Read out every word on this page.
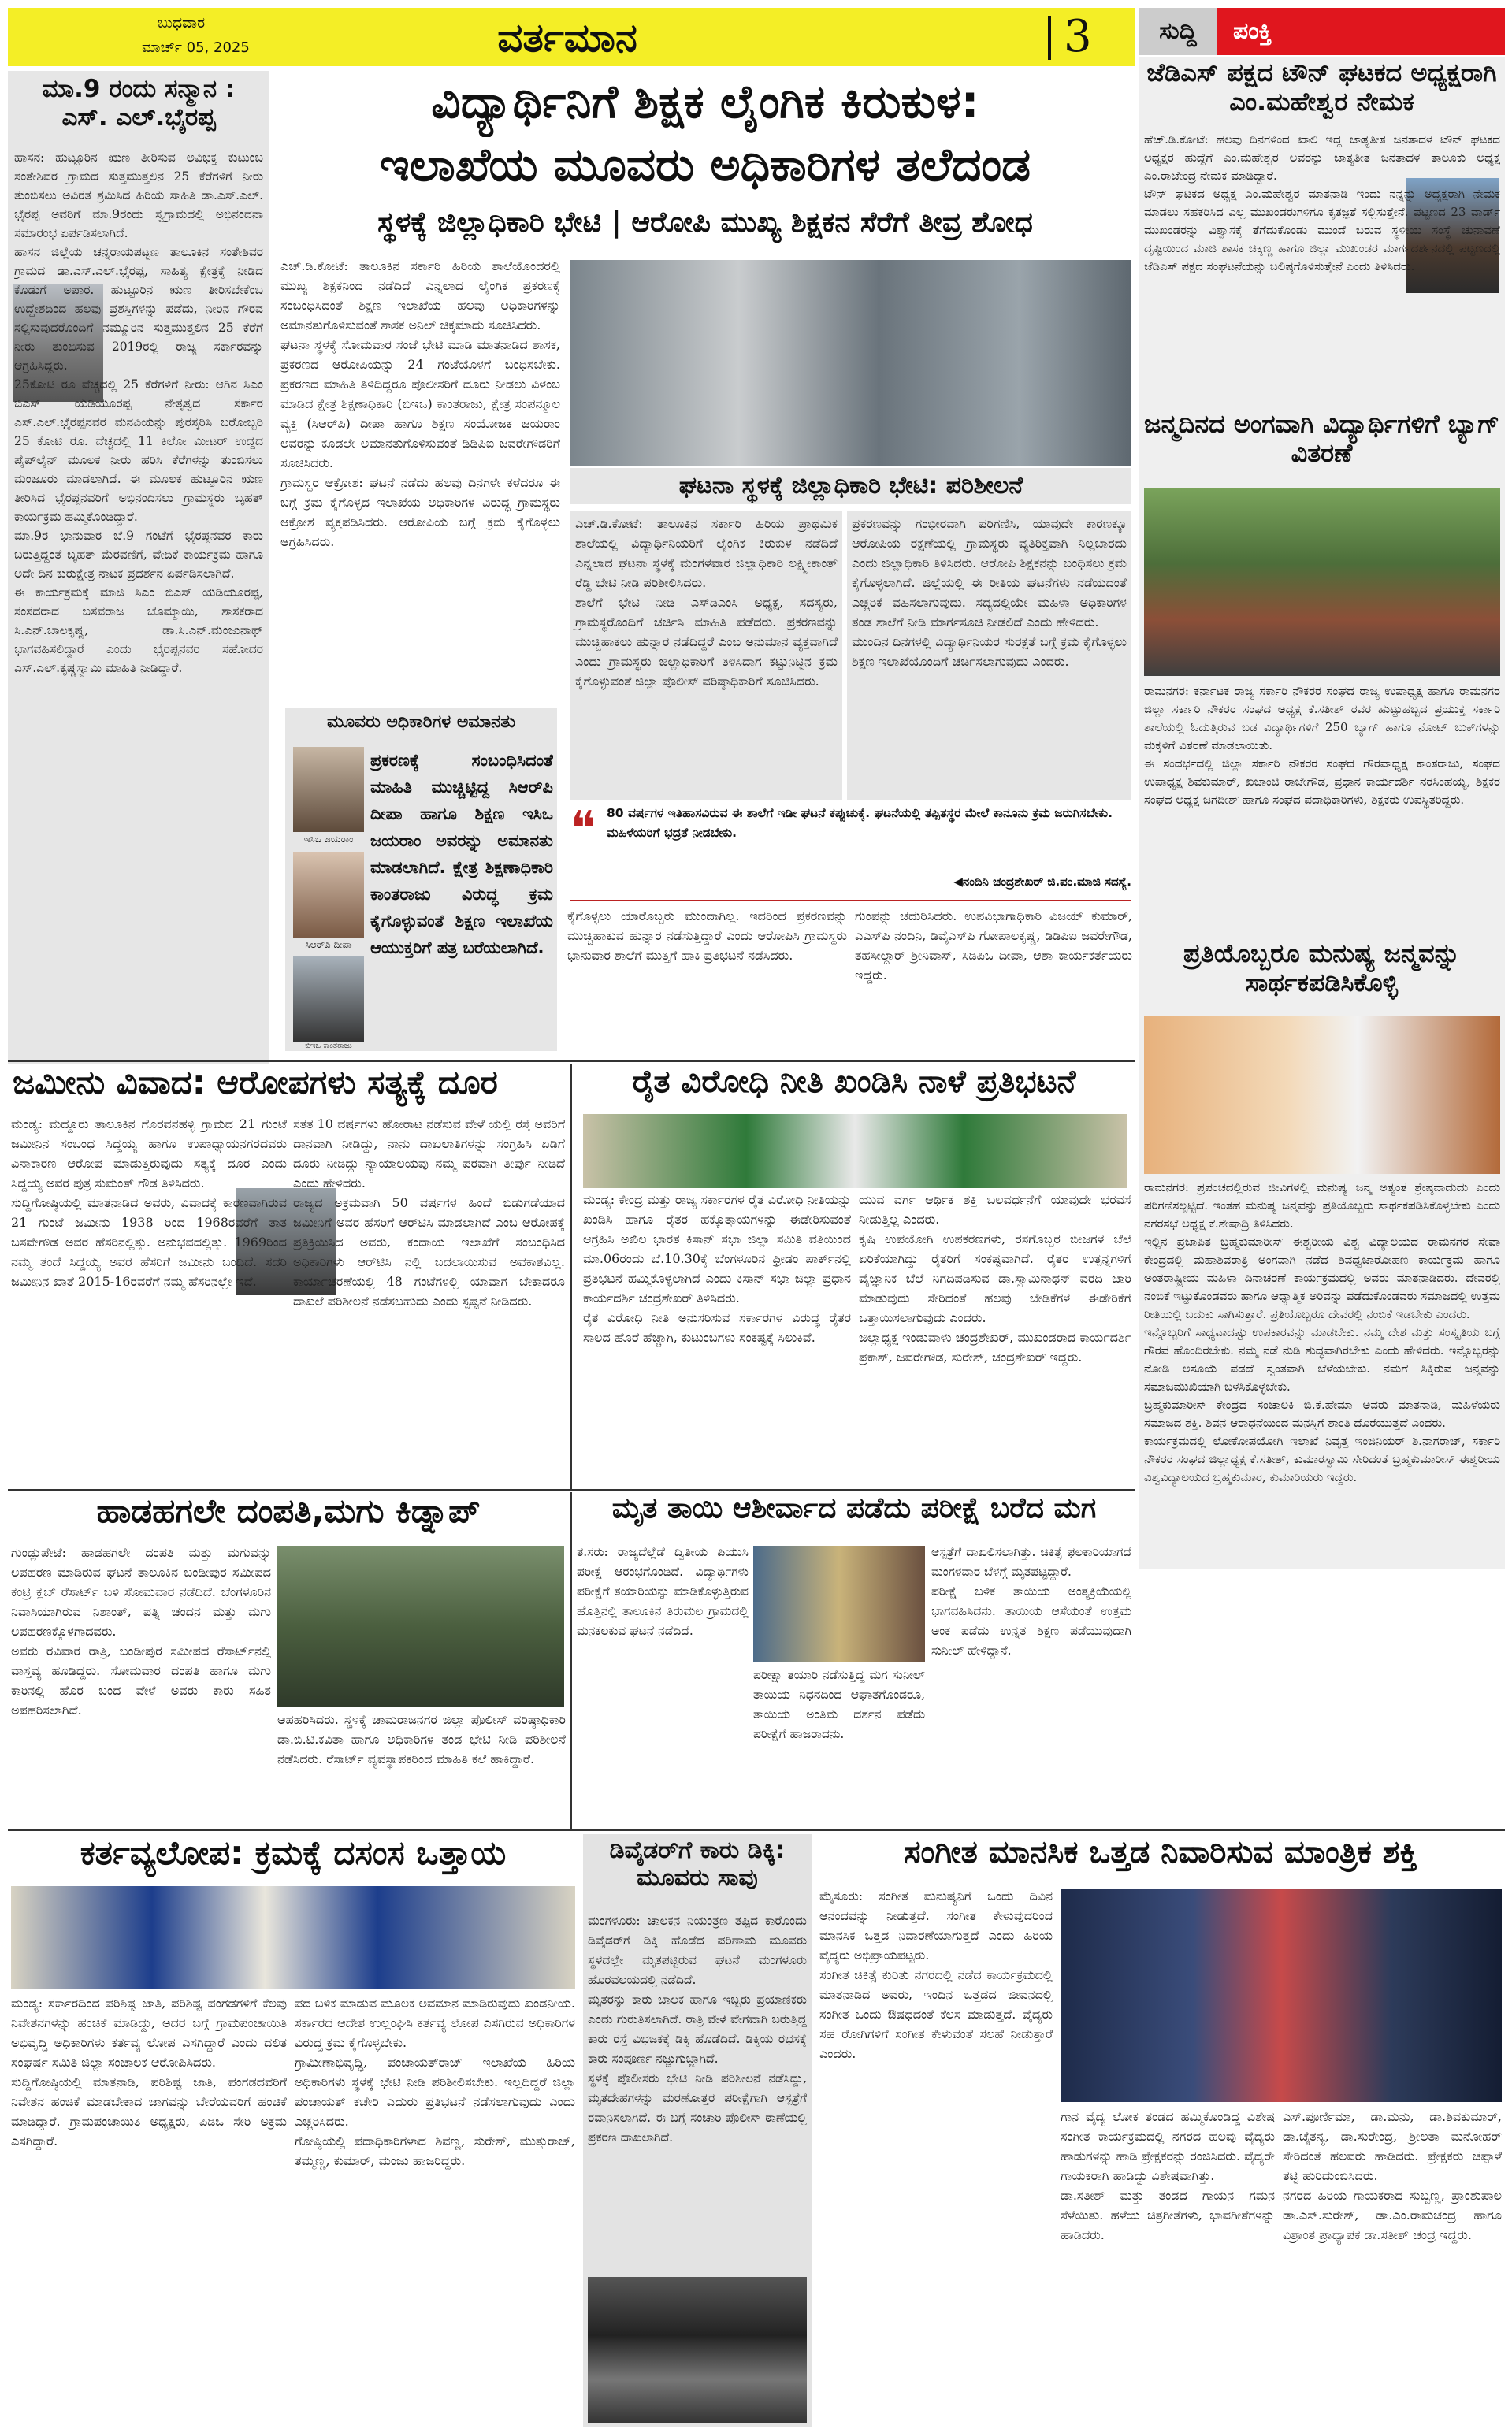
ಬುಧವಾರ
ಮಾರ್ಚ್ 05, 2025	ವರ್ತಮಾನ	3	ಸುದ್ದಿ	ಪಂಕ್ತಿ
ಮಾ.9 ರಂದು ಸನ್ಮಾನ : ಎಸ್. ಎಲ್.ಭೈರಪ್ಪ
ಹಾಸನ: ಹುಟ್ಟೂರಿನ ಋಣ ತೀರಿಸುವ ಅವಿಭಕ್ತ ಕುಟುಂಬ ಸಂತೇಶಿವರ ಗ್ರಾಮದ ಸುತ್ತಮುತ್ತಲಿನ 25 ಕೆರೆಗಳಿಗೆ ನೀರು ತುಂಬಿಸಲು ಅವಿರತ ಶ್ರಮಿಸಿದ ಹಿರಿಯ ಸಾಹಿತಿ ಡಾ.ಎಸ್.ಎಲ್. ಭೈರಪ್ಪ ಅವರಿಗೆ ಮಾ.9ರಂದು ಸ್ವಗ್ರಾಮದಲ್ಲಿ ಅಭಿನಂದನಾ ಸಮಾರಂಭ ಏರ್ಪಡಿಸಲಾಗಿದೆ.
ಹಾಸನ ಜಿಲ್ಲೆಯ ಚನ್ನರಾಯಪಟ್ಟಣ ತಾಲೂಕಿನ ಸಂತೇಶಿವರ ಗ್ರಾಮದ ಡಾ.ಎಸ್.ಎಲ್.ಭೈರಪ್ಪ, ಸಾಹಿತ್ಯ ಕ್ಷೇತ್ರಕ್ಕೆ ನೀಡಿದ ಕೊಡುಗೆ ಅಪಾರ. ಹುಟ್ಟೂರಿನ ಋಣ ತೀರಿಸಬೇಕೆಂಬ ಉದ್ದೇಶದಿಂದ ಹಲವು ಪ್ರಶಸ್ತಿಗಳನ್ನು ಪಡೆದು, ನೀರಿನ ಗೌರವ ಸಲ್ಲಿಸುವುದರೊಂದಿಗೆ ನಮ್ಮೂರಿನ ಸುತ್ತಮುತ್ತಲಿನ 25 ಕೆರೆಗೆ ನೀರು ತುಂಬಿಸುವ 2019ರಲ್ಲಿ ರಾಜ್ಯ ಸರ್ಕಾರವನ್ನು ಆಗ್ರಹಿಸಿದ್ದರು.
25ಕೋಟಿ ರೂ ವೆಚ್ಚದಲ್ಲಿ 25 ಕೆರೆಗಳಿಗೆ ನೀರು: ಆಗಿನ ಸಿಎಂ ಬಿಎಸ್ ಯಡಿಯೂರಪ್ಪ ನೇತೃತ್ವದ ಸರ್ಕಾರ ಎಸ್.ಎಲ್.ಭೈರಪ್ಪನವರ ಮನವಿಯನ್ನು ಪುರಸ್ಕರಿಸಿ ಬರೋಬ್ಬರಿ 25 ಕೋಟಿ ರೂ. ವೆಚ್ಚದಲ್ಲಿ 11 ಕಿಲೋ ಮೀಟರ್ ಉದ್ದದ ಪೈಪ್‌ಲೈನ್ ಮೂಲಕ ನೀರು ಹರಿಸಿ ಕೆರೆಗಳನ್ನು ತುಂಬಿಸಲು ಮಂಜೂರು ಮಾಡಲಾಗಿದೆ. ಈ ಮೂಲಕ ಹುಟ್ಟೂರಿನ ಋಣ ತೀರಿಸಿದ ಭೈರಪ್ಪನವರಿಗೆ ಅಭಿನಂದಿಸಲು ಗ್ರಾಮಸ್ಥರು ಬೃಹತ್ ಕಾರ್ಯಕ್ರಮ ಹಮ್ಮಿಕೊಂಡಿದ್ದಾರೆ.
ಮಾ.9ರ ಭಾನುವಾರ ಬೆ.9 ಗಂಟೆಗೆ ಭೈರಪ್ಪನವರ ಕಾರು ಬರುತ್ತಿದ್ದಂತೆ ಬೃಹತ್ ಮೆರವಣಿಗೆ, ವೇದಿಕೆ ಕಾರ್ಯಕ್ರಮ ಹಾಗೂ ಅದೇ ದಿನ ಕುರುಕ್ಷೇತ್ರ ನಾಟಕ ಪ್ರದರ್ಶನ ಏರ್ಪಡಿಸಲಾಗಿದೆ.
ಈ ಕಾರ್ಯಕ್ರಮಕ್ಕೆ ಮಾಜಿ ಸಿಎಂ ಬಿಎಸ್ ಯಡಿಯೂರಪ್ಪ, ಸಂಸದರಾದ ಬಸವರಾಜ ಬೊಮ್ಮಾಯಿ, ಶಾಸಕರಾದ ಸಿ.ಎನ್.ಬಾಲಕೃಷ್ಣ, ಡಾ.ಸಿ.ಎನ್.ಮಂಜುನಾಥ್ ಭಾಗವಹಿಸಲಿದ್ದಾರೆ ಎಂದು ಭೈರಪ್ಪನವರ ಸಹೋದರ ಎಸ್.ಎಲ್.ಕೃಷ್ಣಸ್ವಾಮಿ ಮಾಹಿತಿ ನೀಡಿದ್ದಾರೆ.
ವಿದ್ಯಾರ್ಥಿನಿಗೆ ಶಿಕ್ಷಕ ಲೈಂಗಿಕ ಕಿರುಕುಳ:
ಇಲಾಖೆಯ ಮೂವರು ಅಧಿಕಾರಿಗಳ ತಲೆದಂಡ
ಸ್ಥಳಕ್ಕೆ ಜಿಲ್ಲಾಧಿಕಾರಿ ಭೇಟಿ | ಆರೋಪಿ ಮುಖ್ಯ ಶಿಕ್ಷಕನ ಸೆರೆಗೆ ತೀವ್ರ ಶೋಧ
ಎಚ್.ಡಿ.ಕೋಟೆ: ತಾಲೂಕಿನ ಸರ್ಕಾರಿ ಹಿರಿಯ ಶಾಲೆಯೊಂದರಲ್ಲಿ ಮುಖ್ಯ ಶಿಕ್ಷಕನಿಂದ ನಡೆದಿದೆ ಎನ್ನಲಾದ ಲೈಂಗಿಕ ಪ್ರಕರಣಕ್ಕೆ ಸಂಬಂಧಿಸಿದಂತೆ ಶಿಕ್ಷಣ ಇಲಾಖೆಯ ಹಲವು ಅಧಿಕಾರಿಗಳನ್ನು ಅಮಾನತುಗೊಳಿಸುವಂತೆ ಶಾಸಕ ಅನಿಲ್ ಚಿಕ್ಕಮಾದು ಸೂಚಿಸಿದರು.
ಘಟನಾ ಸ್ಥಳಕ್ಕೆ ಸೋಮವಾರ ಸಂಜೆ ಭೇಟಿ ಮಾಡಿ ಮಾತನಾಡಿದ ಶಾಸಕ, ಪ್ರಕರಣದ ಆರೋಪಿಯನ್ನು 24 ಗಂಟೆಯೊಳಗೆ ಬಂಧಿಸಬೇಕು. ಪ್ರಕರಣದ ಮಾಹಿತಿ ತಿಳಿದಿದ್ದರೂ ಪೊಲೀಸರಿಗೆ ದೂರು ನೀಡಲು ವಿಳಂಬ ಮಾಡಿದ ಕ್ಷೇತ್ರ ಶಿಕ್ಷಣಾಧಿಕಾರಿ (ಬಿಇಒ) ಕಾಂತರಾಜು, ಕ್ಷೇತ್ರ ಸಂಪನ್ಮೂಲ ವ್ಯಕ್ತಿ (ಸಿಆರ್‌ಪಿ) ದೀಪಾ ಹಾಗೂ ಶಿಕ್ಷಣ ಸಂಯೋಜಕ ಜಯರಾಂ ಅವರನ್ನು ಕೂಡಲೇ ಅಮಾನತುಗೊಳಿಸುವಂತೆ ಡಿಡಿಪಿಐ ಜವರೇಗೌಡರಿಗೆ ಸೂಚಿಸಿದರು.
ಗ್ರಾಮಸ್ಥರ ಆಕ್ರೋಶ: ಘಟನೆ ನಡೆದು ಹಲವು ದಿನಗಳೇ ಕಳೆದರೂ ಈ ಬಗ್ಗೆ ಕ್ರಮ ಕೈಗೊಳ್ಳದ ಇಲಾಖೆಯ ಅಧಿಕಾರಿಗಳ ವಿರುದ್ಧ ಗ್ರಾಮಸ್ಥರು ಆಕ್ರೋಶ ವ್ಯಕ್ತಪಡಿಸಿದರು. ಆರೋಪಿಯ ಬಗ್ಗೆ ಕ್ರಮ ಕೈಗೊಳ್ಳಲು ಆಗ್ರಹಿಸಿದರು.
ಘಟನಾ ಸ್ಥಳಕ್ಕೆ ಜಿಲ್ಲಾಧಿಕಾರಿ ಭೇಟಿ: ಪರಿಶೀಲನೆ
ಎಚ್.ಡಿ.ಕೋಟೆ: ತಾಲೂಕಿನ ಸರ್ಕಾರಿ ಹಿರಿಯ ಪ್ರಾಥಮಿಕ ಶಾಲೆಯಲ್ಲಿ ವಿದ್ಯಾರ್ಥಿನಿಯರಿಗೆ ಲೈಂಗಿಕ ಕಿರುಕುಳ ನಡೆದಿದೆ ಎನ್ನಲಾದ ಘಟನಾ ಸ್ಥಳಕ್ಕೆ ಮಂಗಳವಾರ ಜಿಲ್ಲಾಧಿಕಾರಿ ಲಕ್ಷ್ಮೀಕಾಂತ್ ರೆಡ್ಡಿ ಭೇಟಿ ನೀಡಿ ಪರಿಶೀಲಿಸಿದರು.
ಶಾಲೆಗೆ ಭೇಟಿ ನೀಡಿ ಎಸ್‌ಡಿಎಂಸಿ ಅಧ್ಯಕ್ಷ, ಸದಸ್ಯರು, ಗ್ರಾಮಸ್ಥರೊಂದಿಗೆ ಚರ್ಚಿಸಿ ಮಾಹಿತಿ ಪಡೆದರು. ಪ್ರಕರಣವನ್ನು ಮುಚ್ಚಿಹಾಕಲು ಹುನ್ನಾರ ನಡೆದಿದ್ದರೆ ಎಂಬ ಅನುಮಾನ ವ್ಯಕ್ತವಾಗಿದೆ ಎಂದು ಗ್ರಾಮಸ್ಥರು ಜಿಲ್ಲಾಧಿಕಾರಿಗೆ ತಿಳಿಸಿದಾಗ ಕಟ್ಟುನಿಟ್ಟಿನ ಕ್ರಮ ಕೈಗೊಳ್ಳುವಂತೆ ಜಿಲ್ಲಾ ಪೊಲೀಸ್ ವರಿಷ್ಠಾಧಿಕಾರಿಗೆ ಸೂಚಿಸಿದರು.
ಪ್ರಕರಣವನ್ನು ಗಂಭೀರವಾಗಿ ಪರಿಗಣಿಸಿ, ಯಾವುದೇ ಕಾರಣಕ್ಕೂ ಆರೋಪಿಯ ರಕ್ಷಣೆಯಲ್ಲಿ ಗ್ರಾಮಸ್ಥರು ವ್ಯತಿರಿಕ್ತವಾಗಿ ನಿಲ್ಲಬಾರದು ಎಂದು ಜಿಲ್ಲಾಧಿಕಾರಿ ತಿಳಿಸಿದರು. ಆರೋಪಿ ಶಿಕ್ಷಕನನ್ನು ಬಂಧಿಸಲು ಕ್ರಮ ಕೈಗೊಳ್ಳಲಾಗಿದೆ. ಜಿಲ್ಲೆಯಲ್ಲಿ ಈ ರೀತಿಯ ಘಟನೆಗಳು ನಡೆಯದಂತೆ ಎಚ್ಚರಿಕೆ ವಹಿಸಲಾಗುವುದು. ಸದ್ಯದಲ್ಲಿಯೇ ಮಹಿಳಾ ಅಧಿಕಾರಿಗಳ ತಂಡ ಶಾಲೆಗೆ ನೀಡಿ ಮಾರ್ಗಸೂಚಿ ನೀಡಲಿದೆ ಎಂದು ಹೇಳಿದರು.
ಮುಂದಿನ ದಿನಗಳಲ್ಲಿ ವಿದ್ಯಾರ್ಥಿನಿಯರ ಸುರಕ್ಷತೆ ಬಗ್ಗೆ ಕ್ರಮ ಕೈಗೊಳ್ಳಲು ಶಿಕ್ಷಣ ಇಲಾಖೆಯೊಂದಿಗೆ ಚರ್ಚಿಸಲಾಗುವುದು ಎಂದರು.
ಮೂವರು ಅಧಿಕಾರಿಗಳ ಅಮಾನತು
ಇಸಿಒ ಜಯರಾಂ
ಸಿಆರ್‌ಪಿ ದೀಪಾ
ಬಿಇಒ ಕಾಂತರಾಜು
ಪ್ರಕರಣಕ್ಕೆ ಸಂಬಂಧಿಸಿದಂತೆ ಮಾಹಿತಿ ಮುಚ್ಚಿಟ್ಟಿದ್ದ ಸಿಆರ್‌ಪಿ ದೀಪಾ ಹಾಗೂ ಶಿಕ್ಷಣ ಇಸಿಒ ಜಯರಾಂ ಅವರನ್ನು ಅಮಾನತು ಮಾಡಲಾಗಿದೆ. ಕ್ಷೇತ್ರ ಶಿಕ್ಷಣಾಧಿಕಾರಿ ಕಾಂತರಾಜು ವಿರುದ್ಧ ಕ್ರಮ ಕೈಗೊಳ್ಳುವಂತೆ ಶಿಕ್ಷಣ ಇಲಾಖೆಯ ಆಯುಕ್ತರಿಗೆ ಪತ್ರ ಬರೆಯಲಾಗಿದೆ.
❝ 80 ವರ್ಷಗಳ ಇತಿಹಾಸವಿರುವ ಈ ಶಾಲೆಗೆ ಇಡೀ ಘಟನೆ ಕಪ್ಪುಚುಕ್ಕೆ. ಘಟನೆಯಲ್ಲಿ ತಪ್ಪಿತಸ್ಥರ ಮೇಲೆ ಕಾನೂನು ಕ್ರಮ ಜರುಗಿಸಬೇಕು. ಮಹಿಳೆಯರಿಗೆ ಭದ್ರತೆ ನೀಡಬೇಕು.
◀ನಂದಿನಿ ಚಂದ್ರಶೇಖರ್ ಜಿ.ಪಂ.ಮಾಜಿ ಸದಸ್ಯೆ.
ಕೈಗೊಳ್ಳಲು ಯಾರೊಬ್ಬರು ಮುಂದಾಗಿಲ್ಲ. ಇದರಿಂದ ಪ್ರಕರಣವನ್ನು ಮುಚ್ಚಿಹಾಕುವ ಹುನ್ನಾರ ನಡೆಸುತ್ತಿದ್ದಾರೆ ಎಂದು ಆರೋಪಿಸಿ ಗ್ರಾಮಸ್ಥರು ಭಾನುವಾರ ಶಾಲೆಗೆ ಮುತ್ತಿಗೆ ಹಾಕಿ ಪ್ರತಿಭಟನೆ ನಡೆಸಿದರು.
ಗುಂಪನ್ನು ಚದುರಿಸಿದರು. ಉಪವಿಭಾಗಾಧಿಕಾರಿ ವಿಜಯ್ ಕುಮಾರ್, ಎಎಸ್‌ಪಿ ನಂದಿನಿ, ಡಿವೈಎಸ್‌ಪಿ ಗೋಪಾಲಕೃಷ್ಣ, ಡಿಡಿಪಿಐ ಜವರೇಗೌಡ, ತಹಸೀಲ್ದಾರ್ ಶ್ರೀನಿವಾಸ್, ಸಿಡಿಪಿಒ ದೀಪಾ, ಆಶಾ ಕಾರ್ಯಕರ್ತೆಯರು ಇದ್ದರು.
ಜೆಡಿಎಸ್ ಪಕ್ಷದ ಟೌನ್ ಘಟಕದ ಅಧ್ಯಕ್ಷರಾಗಿ ಎಂ.ಮಹೇಶ್ವರ ನೇಮಕ
ಹೆಚ್.ಡಿ.ಕೋಟೆ: ಹಲವು ದಿನಗಳಿಂದ ಖಾಲಿ ಇದ್ದ ಜಾತ್ಯತೀತ ಜನತಾದಳ ಟೌನ್ ಘಟಕದ ಅಧ್ಯಕ್ಷರ ಹುದ್ದೆಗೆ ಎಂ.ಮಹೇಶ್ವರ ಅವರನ್ನು ಜಾತ್ಯತೀತ ಜನತಾದಳ ತಾಲೂಕು ಅಧ್ಯಕ್ಷ ಎಂ.ರಾಜೇಂದ್ರ ನೇಮಕ ಮಾಡಿದ್ದಾರೆ.
ಟೌನ್ ಘಟಕದ ಅಧ್ಯಕ್ಷ ಎಂ.ಮಹೇಶ್ವರ ಮಾತನಾಡಿ ಇಂದು ನನ್ನನ್ನು ಅಧ್ಯಕ್ಷರಾಗಿ ನೇಮಕ ಮಾಡಲು ಸಹಕರಿಸಿದ ಎಲ್ಲ ಮುಖಂಡರುಗಳಿಗೂ ಕೃತಜ್ಞತೆ ಸಲ್ಲಿಸುತ್ತೇನೆ. ಪಟ್ಟಣದ 23 ವಾರ್ಡ್ ಮುಖಂಡರನ್ನು ವಿಶ್ವಾಸಕ್ಕೆ ತೆಗೆದುಕೊಂಡು ಮುಂದೆ ಬರುವ ಸ್ಥಳೀಯ ಸಂಸ್ಥೆ ಚುನಾವಣೆ ದೃಷ್ಟಿಯಿಂದ ಮಾಜಿ ಶಾಸಕ ಚಿಕ್ಕಣ್ಣ ಹಾಗೂ ಜಿಲ್ಲಾ ಮುಖಂಡರ ಮಾರ್ಗದರ್ಶನದಲ್ಲಿ ಪಟ್ಟಣದಲ್ಲಿ ಜೆಡಿಎಸ್ ಪಕ್ಷದ ಸಂಘಟನೆಯನ್ನು ಬಲಿಷ್ಠಗೊಳಿಸುತ್ತೇನೆ ಎಂದು ತಿಳಿಸಿದರು.
ಜನ್ಮದಿನದ ಅಂಗವಾಗಿ ವಿದ್ಯಾರ್ಥಿಗಳಿಗೆ ಬ್ಯಾಗ್ ವಿತರಣೆ
ರಾಮನಗರ: ಕರ್ನಾಟಕ ರಾಜ್ಯ ಸರ್ಕಾರಿ ನೌಕರರ ಸಂಘದ ರಾಜ್ಯ ಉಪಾಧ್ಯಕ್ಷ ಹಾಗೂ ರಾಮನಗರ ಜಿಲ್ಲಾ ಸರ್ಕಾರಿ ನೌಕರರ ಸಂಘದ ಅಧ್ಯಕ್ಷ ಕೆ.ಸತೀಶ್ ರವರ ಹುಟ್ಟುಹಬ್ಬದ ಪ್ರಯುಕ್ತ ಸರ್ಕಾರಿ ಶಾಲೆಯಲ್ಲಿ ಓದುತ್ತಿರುವ ಬಡ ವಿದ್ಯಾರ್ಥಿಗಳಿಗೆ 250 ಬ್ಯಾಗ್ ಹಾಗೂ ನೋಟ್ ಬುಕ್‌ಗಳನ್ನು ಮಕ್ಕಳಿಗೆ ವಿತರಣೆ ಮಾಡಲಾಯಿತು.
ಈ ಸಂದರ್ಭದಲ್ಲಿ ಜಿಲ್ಲಾ ಸರ್ಕಾರಿ ನೌಕರರ ಸಂಘದ ಗೌರವಾಧ್ಯಕ್ಷ ಕಾಂತರಾಜು, ಸಂಘದ ಉಪಾಧ್ಯಕ್ಷ ಶಿವಕುಮಾರ್, ಖಜಾಂಚಿ ರಾಜೇಗೌಡ, ಪ್ರಧಾನ ಕಾರ್ಯದರ್ಶಿ ನರಸಿಂಹಯ್ಯ, ಶಿಕ್ಷಕರ ಸಂಘದ ಅಧ್ಯಕ್ಷ ಜಗದೀಶ್ ಹಾಗೂ ಸಂಘದ ಪದಾಧಿಕಾರಿಗಳು, ಶಿಕ್ಷಕರು ಉಪಸ್ಥಿತರಿದ್ದರು.
ಪ್ರತಿಯೊಬ್ಬರೂ ಮನುಷ್ಯ ಜನ್ಮವನ್ನು ಸಾರ್ಥಕಪಡಿಸಿಕೊಳ್ಳಿ
ರಾಮನಗರ: ಪ್ರಪಂಚದಲ್ಲಿರುವ ಜೀವಿಗಳಲ್ಲಿ ಮನುಷ್ಯ ಜನ್ಮ ಅತ್ಯಂತ ಶ್ರೇಷ್ಠವಾದುದು ಎಂದು ಪರಿಗಣಿಸಲ್ಪಟ್ಟಿದೆ. ಇಂತಹ ಮನುಷ್ಯ ಜನ್ಮವನ್ನು ಪ್ರತಿಯೊಬ್ಬರು ಸಾರ್ಥಕಪಡಿಸಿಕೊಳ್ಳಬೇಕು ಎಂದು ನಗರಸಭೆ ಅಧ್ಯಕ್ಷ ಕೆ.ಶೇಷಾದ್ರಿ ತಿಳಿಸಿದರು.
ಇಲ್ಲಿನ ಪ್ರಜಾಪಿತ ಬ್ರಹ್ಮಕುಮಾರೀಸ್ ಈಶ್ವರೀಯ ವಿಶ್ವ ವಿದ್ಯಾಲಯದ ರಾಮನಗರ ಸೇವಾ ಕೇಂದ್ರದಲ್ಲಿ ಮಹಾಶಿವರಾತ್ರಿ ಅಂಗವಾಗಿ ನಡೆದ ಶಿವಧ್ವಜಾರೋಹಣ ಕಾರ್ಯಕ್ರಮ ಹಾಗೂ ಅಂತರಾಷ್ಟ್ರೀಯ ಮಹಿಳಾ ದಿನಾಚರಣೆ ಕಾರ್ಯಕ್ರಮದಲ್ಲಿ ಅವರು ಮಾತನಾಡಿದರು. ದೇವರಲ್ಲಿ ನಂಬಿಕೆ ಇಟ್ಟುಕೊಂಡವರು ಹಾಗೂ ಆಧ್ಯಾತ್ಮಿಕ ಅರಿವನ್ನು ಪಡೆದುಕೊಂಡವರು ಸಮಾಜದಲ್ಲಿ ಉತ್ತಮ ರೀತಿಯಲ್ಲಿ ಬದುಕು ಸಾಗಿಸುತ್ತಾರೆ. ಪ್ರತಿಯೊಬ್ಬರೂ ದೇವರಲ್ಲಿ ನಂಬಿಕೆ ಇಡಬೇಕು ಎಂದರು.
ಇನ್ನೊಬ್ಬರಿಗೆ ಸಾಧ್ಯವಾದಷ್ಟು ಉಪಕಾರವನ್ನು ಮಾಡಬೇಕು. ನಮ್ಮ ದೇಶ ಮತ್ತು ಸಂಸ್ಕೃತಿಯ ಬಗ್ಗೆ ಗೌರವ ಹೊಂದಿರಬೇಕು. ನಮ್ಮ ನಡೆ ನುಡಿ ಶುದ್ಧವಾಗಿರಬೇಕು ಎಂದು ಹೇಳಿದರು. ಇನ್ನೊಬ್ಬರನ್ನು ನೋಡಿ ಅಸೂಯೆ ಪಡದೆ ಸ್ವಂತವಾಗಿ ಬೆಳೆಯಬೇಕು. ನಮಗೆ ಸಿಕ್ಕಿರುವ ಜನ್ಮವನ್ನು ಸಮಾಜಮುಖಿಯಾಗಿ ಬಳಸಿಕೊಳ್ಳಬೇಕು.
ಬ್ರಹ್ಮಕುಮಾರೀಸ್ ಕೇಂದ್ರದ ಸಂಚಾಲಕಿ ಬಿ.ಕೆ.ಹೇಮಾ ಅವರು ಮಾತನಾಡಿ, ಮಹಿಳೆಯರು ಸಮಾಜದ ಶಕ್ತಿ. ಶಿವನ ಆರಾಧನೆಯಿಂದ ಮನಸ್ಸಿಗೆ ಶಾಂತಿ ದೊರೆಯುತ್ತದೆ ಎಂದರು.
ಕಾರ್ಯಕ್ರಮದಲ್ಲಿ ಲೋಕೋಪಯೋಗಿ ಇಲಾಖೆ ನಿವೃತ್ತ ಇಂಜಿನಿಯರ್ ಶಿ.ನಾಗರಾಜ್, ಸರ್ಕಾರಿ ನೌಕರರ ಸಂಘದ ಜಿಲ್ಲಾಧ್ಯಕ್ಷ ಕೆ.ಸತೀಶ್, ಕುಮಾರಸ್ವಾಮಿ ಸೇರಿದಂತೆ ಬ್ರಹ್ಮಕುಮಾರೀಸ್ ಈಶ್ವರೀಯ ವಿಶ್ವವಿದ್ಯಾಲಯದ ಬ್ರಹ್ಮಕುಮಾರ, ಕುಮಾರಿಯರು ಇದ್ದರು.
ಜಮೀನು ವಿವಾದ: ಆರೋಪಗಳು ಸತ್ಯಕ್ಕೆ ದೂರ
ಮಂಡ್ಯ: ಮದ್ದೂರು ತಾಲೂಕಿನ ಗೊರವನಹಳ್ಳಿ ಗ್ರಾಮದ 21 ಗುಂಟೆ ಜಮೀನಿನ ಸಂಬಂಧ ಸಿದ್ದಯ್ಯ ಹಾಗೂ ಉಪಾಧ್ಯಾಯನಗರದವರು ವಿನಾಕಾರಣ ಆರೋಪ ಮಾಡುತ್ತಿರುವುದು ಸತ್ಯಕ್ಕೆ ದೂರ ಎಂದು ಸಿದ್ದಯ್ಯ ಅವರ ಪುತ್ರ ಸುಮಂತ್ ಗೌಡ ತಿಳಿಸಿದರು.
ಸುದ್ದಿಗೋಷ್ಠಿಯಲ್ಲಿ ಮಾತನಾಡಿದ ಅವರು, ವಿವಾದಕ್ಕೆ ಕಾರಣವಾಗಿರುವ 21 ಗುಂಟೆ ಜಮೀನು 1938 ರಿಂದ 1968ರವರೆಗೆ ತಾತ ಬಸವೇಗೌಡ ಅವರ ಹೆಸರಿನಲ್ಲಿತ್ತು. ಅನುಭವದಲ್ಲಿತ್ತು. 1969ರಿಂದ ನಮ್ಮ ತಂದೆ ಸಿದ್ದಯ್ಯ ಅವರ ಹೆಸರಿಗೆ ಜಮೀನು ಬಂದಿದೆ. ಸದರಿ ಜಮೀನಿನ ಖಾತೆ 2015-16ರವರೆಗೆ ನಮ್ಮ ಹೆಸರಿನಲ್ಲೇ ಇದೆ.
ಸತತ 10 ವರ್ಷಗಳು ಹೋರಾಟ ನಡೆಸುವ ವೇಳೆ ಯಲ್ಲಿ ರಸ್ತೆ ಅವರಿಗೆ ದಾನವಾಗಿ ನೀಡಿದ್ದು, ನಾನು ದಾಖಲಾತಿಗಳನ್ನು ಸಂಗ್ರಹಿಸಿ ಏಡಿಗೆ ದೂರು ನೀಡಿದ್ದು ನ್ಯಾಯಾಲಯವು ನಮ್ಮ ಪರವಾಗಿ ತೀರ್ಪು ನೀಡಿದೆ ಎಂದು ಹೇಳಿದರು.
ರಾಜ್ಯದ ಅಕ್ರಮವಾಗಿ 50 ವರ್ಷಗಳ ಹಿಂದೆ ಬಿಡುಗಡೆಯಾದ ಜಮೀನಿಗೆ ಅವರ ಹೆಸರಿಗೆ ಆರ್‌ಟಿಸಿ ಮಾಡಲಾಗಿದೆ ಎಂಬ ಆರೋಪಕ್ಕೆ ಪ್ರತಿಕ್ರಿಯಿಸಿದ ಅವರು, ಕಂದಾಯ ಇಲಾಖೆಗೆ ಸಂಬಂಧಿಸಿದ ಅಧಿಕಾರಿಗಳು ಆರ್‌ಟಿಸಿ ನಲ್ಲಿ ಬದಲಾಯಿಸುವ ಅವಕಾಶವಿಲ್ಲ. ಕಾರ್ಯಾಚರಣೆಯಲ್ಲಿ 48 ಗಂಟೆಗಳಲ್ಲಿ ಯಾವಾಗ ಬೇಕಾದರೂ ದಾಖಲೆ ಪರಿಶೀಲನೆ ನಡೆಸಬಹುದು ಎಂದು ಸ್ಪಷ್ಟನೆ ನೀಡಿದರು.
ರೈತ ವಿರೋಧಿ ನೀತಿ ಖಂಡಿಸಿ ನಾಳೆ ಪ್ರತಿಭಟನೆ
ಮಂಡ್ಯ: ಕೇಂದ್ರ ಮತ್ತು ರಾಜ್ಯ ಸರ್ಕಾರಗಳ ರೈತ ವಿರೋಧಿ ನೀತಿಯನ್ನು ಖಂಡಿಸಿ ಹಾಗೂ ರೈತರ ಹಕ್ಕೊತ್ತಾಯಗಳನ್ನು ಈಡೇರಿಸುವಂತೆ ಆಗ್ರಹಿಸಿ ಅಖಿಲ ಭಾರತ ಕಿಸಾನ್ ಸಭಾ ಜಿಲ್ಲಾ ಸಮಿತಿ ವತಿಯಿಂದ ಮಾ.06ರಂದು ಬೆ.10.30ಕ್ಕೆ ಬೆಂಗಳೂರಿನ ಫ್ರೀಡಂ ಪಾರ್ಕ್‌ನಲ್ಲಿ ಪ್ರತಿಭಟನೆ ಹಮ್ಮಿಕೊಳ್ಳಲಾಗಿದೆ ಎಂದು ಕಿಸಾನ್ ಸಭಾ ಜಿಲ್ಲಾ ಪ್ರಧಾನ ಕಾರ್ಯದರ್ಶಿ ಚಂದ್ರಶೇಖರ್ ತಿಳಿಸಿದರು.
ರೈತ ವಿರೋಧಿ ನೀತಿ ಅನುಸರಿಸುವ ಸರ್ಕಾರಗಳ ವಿರುದ್ಧ ರೈತರ ಸಾಲದ ಹೊರೆ ಹೆಚ್ಚಾಗಿ, ಕುಟುಂಬಗಳು ಸಂಕಷ್ಟಕ್ಕೆ ಸಿಲುಕಿವೆ.
ಯುವ ವರ್ಗ ಆರ್ಥಿಕ ಶಕ್ತಿ ಬಲವರ್ಧನೆಗೆ ಯಾವುದೇ ಭರವಸೆ ನೀಡುತ್ತಿಲ್ಲ ಎಂದರು.
ಕೃಷಿ ಉಪಯೋಗಿ ಉಪಕರಣಗಳು, ರಸಗೊಬ್ಬರ ಬೀಜಗಳ ಬೆಲೆ ಏರಿಕೆಯಾಗಿದ್ದು ರೈತರಿಗೆ ಸಂಕಷ್ಟವಾಗಿದೆ. ರೈತರ ಉತ್ಪನ್ನಗಳಿಗೆ ವೈಜ್ಞಾನಿಕ ಬೆಲೆ ನಿಗದಿಪಡಿಸುವ ಡಾ.ಸ್ವಾಮಿನಾಥನ್ ವರದಿ ಜಾರಿ ಮಾಡುವುದು ಸೇರಿದಂತೆ ಹಲವು ಬೇಡಿಕೆಗಳ ಈಡೇರಿಕೆಗೆ ಒತ್ತಾಯಿಸಲಾಗುವುದು ಎಂದರು.
ಜಿಲ್ಲಾಧ್ಯಕ್ಷ ಇಂಡುವಾಳು ಚಂದ್ರಶೇಖರ್, ಮುಖಂಡರಾದ ಕಾರ್ಯದರ್ಶಿ ಪ್ರಕಾಶ್, ಜವರೇಗೌಡ, ಸುರೇಶ್, ಚಂದ್ರಶೇಖರ್ ಇದ್ದರು.
ಹಾಡಹಗಲೇ ದಂಪತಿ,ಮಗು ಕಿಡ್ನಾಪ್
ಗುಂಡ್ಲುಪೇಟೆ: ಹಾಡಹಗಲೇ ದಂಪತಿ ಮತ್ತು ಮಗುವನ್ನು ಅಪಹರಣ ಮಾಡಿರುವ ಘಟನೆ ತಾಲೂಕಿನ ಬಂಡೀಪುರ ಸಮೀಪದ ಕಂಟ್ರಿ ಕ್ಲಬ್ ರೆಸಾರ್ಟ್ ಬಳಿ ಸೋಮವಾರ ನಡೆದಿದೆ. ಬೆಂಗಳೂರಿನ ನಿವಾಸಿಯಾಗಿರುವ ನಿಶಾಂತ್, ಪತ್ನಿ ಚಂದನ ಮತ್ತು ಮಗು ಅಪಹರಣಕ್ಕೊಳಗಾದವರು.
ಅವರು ರವಿವಾರ ರಾತ್ರಿ, ಬಂಡೀಪುರ ಸಮೀಪದ ರೆಸಾರ್ಟ್‌ನಲ್ಲಿ ವಾಸ್ತವ್ಯ ಹೂಡಿದ್ದರು. ಸೋಮವಾರ ದಂಪತಿ ಹಾಗೂ ಮಗು ಕಾರಿನಲ್ಲಿ ಹೊರ ಬಂದ ವೇಳೆ ಅವರು ಕಾರು ಸಹಿತ ಅಪಹರಿಸಲಾಗಿದೆ.
ಅಪಹರಿಸಿದರು. ಸ್ಥಳಕ್ಕೆ ಚಾಮರಾಜನಗರ ಜಿಲ್ಲಾ ಪೊಲೀಸ್ ವರಿಷ್ಠಾಧಿಕಾರಿ ಡಾ.ಬಿ.ಟಿ.ಕವಿತಾ ಹಾಗೂ ಅಧಿಕಾರಿಗಳ ತಂಡ ಭೇಟಿ ನೀಡಿ ಪರಿಶೀಲನೆ ನಡೆಸಿದರು. ರೆಸಾರ್ಟ್ ವ್ಯವಸ್ಥಾಪಕರಿಂದ ಮಾಹಿತಿ ಕಲೆ ಹಾಕಿದ್ದಾರೆ.
ಮೃತ ತಾಯಿ ಆಶೀರ್ವಾದ ಪಡೆದು ಪರೀಕ್ಷೆ ಬರೆದ ಮಗ
ತ.ಸರು: ರಾಜ್ಯದೆಲ್ಲೆಡೆ ದ್ವಿತೀಯ ಪಿಯುಸಿ ಪರೀಕ್ಷೆ ಆರಂಭಗೊಂಡಿದೆ. ವಿದ್ಯಾರ್ಥಿಗಳು ಪರೀಕ್ಷೆಗೆ ತಯಾರಿಯನ್ನು ಮಾಡಿಕೊಳ್ಳುತ್ತಿರುವ ಹೊತ್ತಿನಲ್ಲಿ ತಾಲೂಕಿನ ತಿರುಮಲ ಗ್ರಾಮದಲ್ಲಿ ಮನಕಲಕುವ ಘಟನೆ ನಡೆದಿದೆ.
ಪರೀಕ್ಷಾ ತಯಾರಿ ನಡೆಸುತ್ತಿದ್ದ ಮಗ ಸುನೀಲ್ ತಾಯಿಯ ನಿಧನದಿಂದ ಆಘಾತಗೊಂಡರೂ, ತಾಯಿಯ ಅಂತಿಮ ದರ್ಶನ ಪಡೆದು ಪರೀಕ್ಷೆಗೆ ಹಾಜರಾದನು.
ಆಸ್ಪತ್ರೆಗೆ ದಾಖಲಿಸಲಾಗಿತ್ತು. ಚಿಕಿತ್ಸೆ ಫಲಕಾರಿಯಾಗದೆ ಮಂಗಳವಾರ ಬೆಳಗ್ಗೆ ಮೃತಪಟ್ಟಿದ್ದಾರೆ.
ಪರೀಕ್ಷೆ ಬಳಿಕ ತಾಯಿಯ ಅಂತ್ಯಕ್ರಿಯೆಯಲ್ಲಿ ಭಾಗವಹಿಸಿದನು. ತಾಯಿಯ ಆಸೆಯಂತೆ ಉತ್ತಮ ಅಂಕ ಪಡೆದು ಉನ್ನತ ಶಿಕ್ಷಣ ಪಡೆಯುವುದಾಗಿ ಸುನೀಲ್ ಹೇಳಿದ್ದಾನೆ.
ಕರ್ತವ್ಯಲೋಪ: ಕ್ರಮಕ್ಕೆ ದಸಂಸ ಒತ್ತಾಯ
ಮಂಡ್ಯ: ಸರ್ಕಾರದಿಂದ ಪರಿಶಿಷ್ಟ ಜಾತಿ, ಪರಿಶಿಷ್ಟ ಪಂಗಡಗಳಿಗೆ ಕೆಲವು ನಿವೇಶನಗಳನ್ನು ಹಂಚಿಕೆ ಮಾಡಿದ್ದು, ಅದರ ಬಗ್ಗೆ ಗ್ರಾಮಪಂಚಾಯಿತಿ ಅಭಿವೃದ್ಧಿ ಅಧಿಕಾರಿಗಳು ಕರ್ತವ್ಯ ಲೋಪ ಎಸಗಿದ್ದಾರೆ ಎಂದು ದಲಿತ ಸಂಘರ್ಷ ಸಮಿತಿ ಜಿಲ್ಲಾ ಸಂಚಾಲಕ ಆರೋಪಿಸಿದರು.
ಸುದ್ದಿಗೋಷ್ಠಿಯಲ್ಲಿ ಮಾತನಾಡಿ, ಪರಿಶಿಷ್ಟ ಜಾತಿ, ಪಂಗಡದವರಿಗೆ ನಿವೇಶನ ಹಂಚಿಕೆ ಮಾಡಬೇಕಾದ ಜಾಗವನ್ನು ಬೇರೆಯವರಿಗೆ ಹಂಚಿಕೆ ಮಾಡಿದ್ದಾರೆ. ಗ್ರಾಮಪಂಚಾಯಿತಿ ಅಧ್ಯಕ್ಷರು, ಪಿಡಿಒ ಸೇರಿ ಅಕ್ರಮ ಎಸಗಿದ್ದಾರೆ.
ಪದ ಬಳಿಕ ಮಾಡುವ ಮೂಲಕ ಅವಮಾನ ಮಾಡಿರುವುದು ಖಂಡನೀಯ. ಸರ್ಕಾರದ ಆದೇಶ ಉಲ್ಲಂಘಿಸಿ ಕರ್ತವ್ಯ ಲೋಪ ಎಸಗಿರುವ ಅಧಿಕಾರಿಗಳ ವಿರುದ್ಧ ಕ್ರಮ ಕೈಗೊಳ್ಳಬೇಕು.
ಗ್ರಾಮೀಣಾಭಿವೃದ್ಧಿ, ಪಂಚಾಯತ್‌ರಾಜ್ ಇಲಾಖೆಯ ಹಿರಿಯ ಅಧಿಕಾರಿಗಳು ಸ್ಥಳಕ್ಕೆ ಭೇಟಿ ನೀಡಿ ಪರಿಶೀಲಿಸಬೇಕು. ಇಲ್ಲದಿದ್ದರೆ ಜಿಲ್ಲಾ ಪಂಚಾಯತ್ ಕಚೇರಿ ಎದುರು ಪ್ರತಿಭಟನೆ ನಡೆಸಲಾಗುವುದು ಎಂದು ಎಚ್ಚರಿಸಿದರು.
ಗೋಷ್ಠಿಯಲ್ಲಿ ಪದಾಧಿಕಾರಿಗಳಾದ ಶಿವಣ್ಣ, ಸುರೇಶ್, ಮುತ್ತುರಾಜ್, ತಮ್ಮಣ್ಣ, ಕುಮಾರ್, ಮಂಜು ಹಾಜರಿದ್ದರು.
ಡಿವೈಡರ್‌ಗೆ ಕಾರು ಡಿಕ್ಕಿ: ಮೂವರು ಸಾವು
ಮಂಗಳೂರು: ಚಾಲಕನ ನಿಯಂತ್ರಣ ತಪ್ಪಿದ ಕಾರೊಂದು ಡಿವೈಡರ್‌ಗೆ ಡಿಕ್ಕಿ ಹೊಡೆದ ಪರಿಣಾಮ ಮೂವರು ಸ್ಥಳದಲ್ಲೇ ಮೃತಪಟ್ಟಿರುವ ಘಟನೆ ಮಂಗಳೂರು ಹೊರವಲಯದಲ್ಲಿ ನಡೆದಿದೆ.
ಮೃತರನ್ನು ಕಾರು ಚಾಲಕ ಹಾಗೂ ಇಬ್ಬರು ಪ್ರಯಾಣಿಕರು ಎಂದು ಗುರುತಿಸಲಾಗಿದೆ. ರಾತ್ರಿ ವೇಳೆ ವೇಗವಾಗಿ ಬರುತ್ತಿದ್ದ ಕಾರು ರಸ್ತೆ ವಿಭಜಕಕ್ಕೆ ಡಿಕ್ಕಿ ಹೊಡೆದಿದೆ. ಡಿಕ್ಕಿಯ ರಭಸಕ್ಕೆ ಕಾರು ಸಂಪೂರ್ಣ ನಜ್ಜುಗುಜ್ಜಾಗಿದೆ.
ಸ್ಥಳಕ್ಕೆ ಪೊಲೀಸರು ಭೇಟಿ ನೀಡಿ ಪರಿಶೀಲನೆ ನಡೆಸಿದ್ದು, ಮೃತದೇಹಗಳನ್ನು ಮರಣೋತ್ತರ ಪರೀಕ್ಷೆಗಾಗಿ ಆಸ್ಪತ್ರೆಗೆ ರವಾನಿಸಲಾಗಿದೆ. ಈ ಬಗ್ಗೆ ಸಂಚಾರಿ ಪೊಲೀಸ್ ಠಾಣೆಯಲ್ಲಿ ಪ್ರಕರಣ ದಾಖಲಾಗಿದೆ.
ಸಂಗೀತ ಮಾನಸಿಕ ಒತ್ತಡ ನಿವಾರಿಸುವ ಮಾಂತ್ರಿಕ ಶಕ್ತಿ
ಮೈಸೂರು: ಸಂಗೀತ ಮನುಷ್ಯನಿಗೆ ಒಂದು ದಿವಿನ ಆನಂದವನ್ನು ನೀಡುತ್ತದೆ. ಸಂಗೀತ ಕೇಳುವುದರಿಂದ ಮಾನಸಿಕ ಒತ್ತಡ ನಿವಾರಣೆಯಾಗುತ್ತದೆ ಎಂದು ಹಿರಿಯ ವೈದ್ಯರು ಅಭಿಪ್ರಾಯಪಟ್ಟರು.
ಸಂಗೀತ ಚಿಕಿತ್ಸೆ ಕುರಿತು ನಗರದಲ್ಲಿ ನಡೆದ ಕಾರ್ಯಕ್ರಮದಲ್ಲಿ ಮಾತನಾಡಿದ ಅವರು, ಇಂದಿನ ಒತ್ತಡದ ಜೀವನದಲ್ಲಿ ಸಂಗೀತ ಒಂದು ಔಷಧದಂತೆ ಕೆಲಸ ಮಾಡುತ್ತದೆ. ವೈದ್ಯರು ಸಹ ರೋಗಿಗಳಿಗೆ ಸಂಗೀತ ಕೇಳುವಂತೆ ಸಲಹೆ ನೀಡುತ್ತಾರೆ ಎಂದರು.
ಗಾನ ವೈದ್ಯ ಲೋಕ ತಂಡದ ಹಮ್ಮಿಕೊಂಡಿದ್ದ ವಿಶೇಷ ಸಂಗೀತ ಕಾರ್ಯಕ್ರಮದಲ್ಲಿ ನಗರದ ಹಲವು ವೈದ್ಯರು ಹಾಡುಗಳನ್ನು ಹಾಡಿ ಪ್ರೇಕ್ಷಕರನ್ನು ರಂಜಿಸಿದರು. ವೈದ್ಯರೇ ಗಾಯಕರಾಗಿ ಹಾಡಿದ್ದು ವಿಶೇಷವಾಗಿತ್ತು.
ಡಾ.ಸತೀಶ್ ಮತ್ತು ತಂಡದ ಗಾಯನ ಗಮನ ಸೆಳೆಯಿತು. ಹಳೆಯ ಚಿತ್ರಗೀತೆಗಳು, ಭಾವಗೀತೆಗಳನ್ನು ಹಾಡಿದರು.
ಎಸ್.ಪೂರ್ಣಿಮಾ, ಡಾ.ಮನು, ಡಾ.ಶಿವಕುಮಾರ್, ಡಾ.ಚೈತನ್ಯ, ಡಾ.ಸುರೇಂದ್ರ, ಶ್ರೀಲತಾ ಮನೋಹರ್ ಸೇರಿದಂತೆ ಹಲವರು ಹಾಡಿದರು. ಪ್ರೇಕ್ಷಕರು ಚಪ್ಪಾಳೆ ತಟ್ಟಿ ಹುರಿದುಂಬಿಸಿದರು.
ನಗರದ ಹಿರಿಯ ಗಾಯಕರಾದ ಸುಬ್ಬಣ್ಣ, ಪ್ರಾಂಶುಪಾಲ ಡಾ.ಎಸ್.ಸುರೇಶ್, ಡಾ.ಎಂ.ರಾಮಚಂದ್ರ ಹಾಗೂ ವಿಶ್ರಾಂತ ಪ್ರಾಧ್ಯಾಪಕ ಡಾ.ಸತೀಶ್ ಚಂದ್ರ ಇದ್ದರು.
